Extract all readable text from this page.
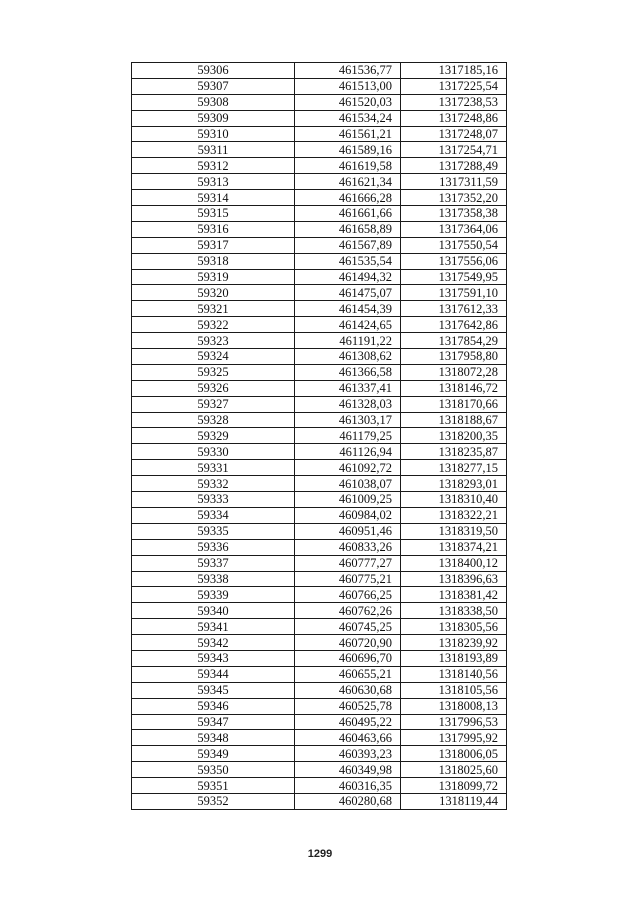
59306	461536,77	1317185,16
59307	461513,00	1317225,54
59308	461520,03	1317238,53
59309	461534,24	1317248,86
59310	461561,21	1317248,07
59311	461589,16	1317254,71
59312	461619,58	1317288,49
59313	461621,34	1317311,59
59314	461666,28	1317352,20
59315	461661,66	1317358,38
59316	461658,89	1317364,06
59317	461567,89	1317550,54
59318	461535,54	1317556,06
59319	461494,32	1317549,95
59320	461475,07	1317591,10
59321	461454,39	1317612,33
59322	461424,65	1317642,86
59323	461191,22	1317854,29
59324	461308,62	1317958,80
59325	461366,58	1318072,28
59326	461337,41	1318146,72
59327	461328,03	1318170,66
59328	461303,17	1318188,67
59329	461179,25	1318200,35
59330	461126,94	1318235,87
59331	461092,72	1318277,15
59332	461038,07	1318293,01
59333	461009,25	1318310,40
59334	460984,02	1318322,21
59335	460951,46	1318319,50
59336	460833,26	1318374,21
59337	460777,27	1318400,12
59338	460775,21	1318396,63
59339	460766,25	1318381,42
59340	460762,26	1318338,50
59341	460745,25	1318305,56
59342	460720,90	1318239,92
59343	460696,70	1318193,89
59344	460655,21	1318140,56
59345	460630,68	1318105,56
59346	460525,78	1318008,13
59347	460495,22	1317996,53
59348	460463,66	1317995,92
59349	460393,23	1318006,05
59350	460349,98	1318025,60
59351	460316,35	1318099,72
59352	460280,68	1318119,44
1299
